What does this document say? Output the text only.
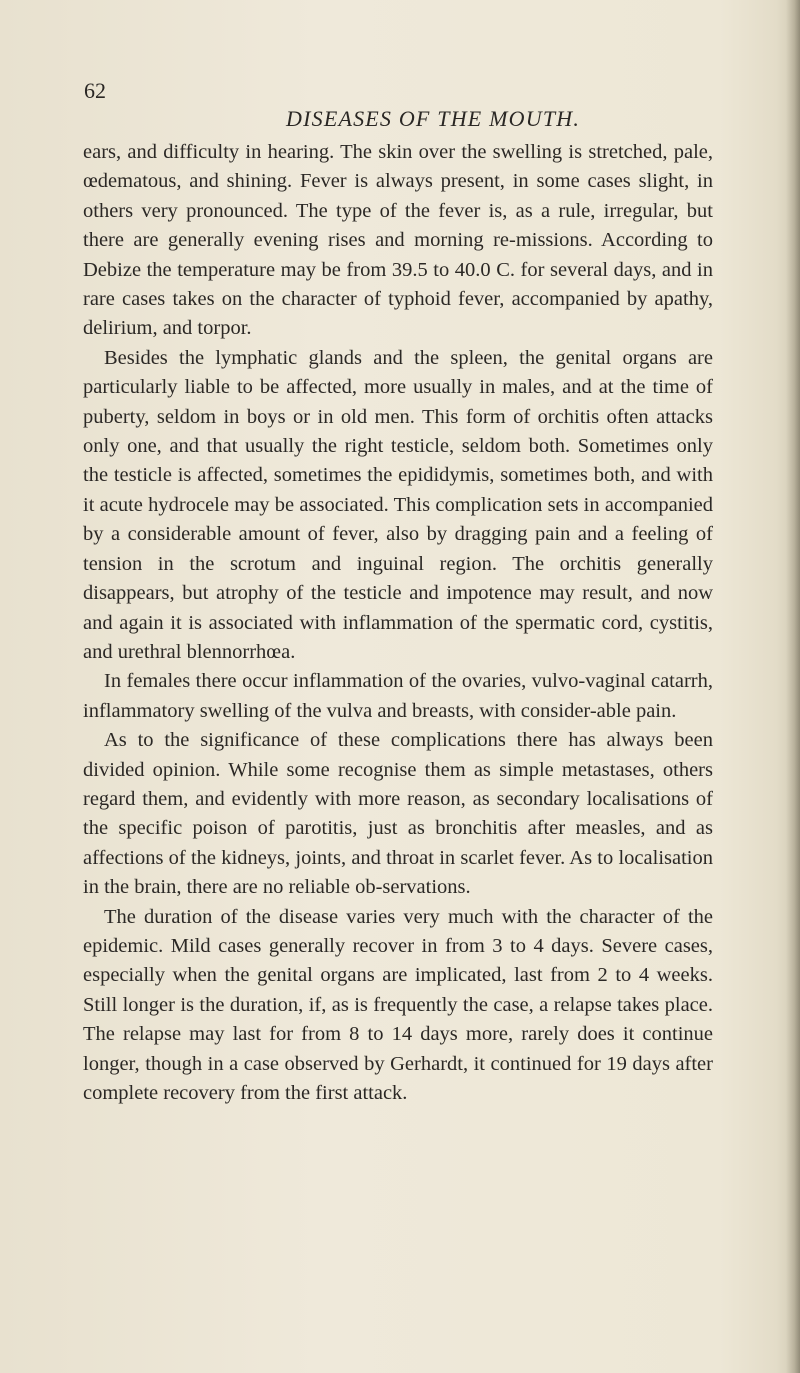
62
DISEASES OF THE MOUTH.

ears, and difficulty in hearing. The skin over the swelling is stretched, pale, œdematous, and shining. Fever is always present, in some cases slight, in others very pronounced. The type of the fever is, as a rule, irregular, but there are generally evening rises and morning re-missions. According to Debize the temperature may be from 39.5 to 40.0 C. for several days, and in rare cases takes on the character of typhoid fever, accompanied by apathy, delirium, and torpor.

Besides the lymphatic glands and the spleen, the genital organs are particularly liable to be affected, more usually in males, and at the time of puberty, seldom in boys or in old men. This form of orchitis often attacks only one, and that usually the right testicle, seldom both. Sometimes only the testicle is affected, sometimes the epididymis, sometimes both, and with it acute hydrocele may be associated. This complication sets in accompanied by a considerable amount of fever, also by dragging pain and a feeling of tension in the scrotum and inguinal region. The orchitis generally disappears, but atrophy of the testicle and impotence may result, and now and again it is associated with inflammation of the spermatic cord, cystitis, and urethral blennorrhœa.

In females there occur inflammation of the ovaries, vulvo-vaginal catarrh, inflammatory swelling of the vulva and breasts, with consider-able pain.

As to the significance of these complications there has always been divided opinion. While some recognise them as simple metastases, others regard them, and evidently with more reason, as secondary localisations of the specific poison of parotitis, just as bronchitis after measles, and as affections of the kidneys, joints, and throat in scarlet fever. As to localisation in the brain, there are no reliable ob-servations.

The duration of the disease varies very much with the character of the epidemic. Mild cases generally recover in from 3 to 4 days. Severe cases, especially when the genital organs are implicated, last from 2 to 4 weeks. Still longer is the duration, if, as is frequently the case, a relapse takes place. The relapse may last for from 8 to 14 days more, rarely does it continue longer, though in a case observed by Gerhardt, it continued for 19 days after complete recovery from the first attack.
